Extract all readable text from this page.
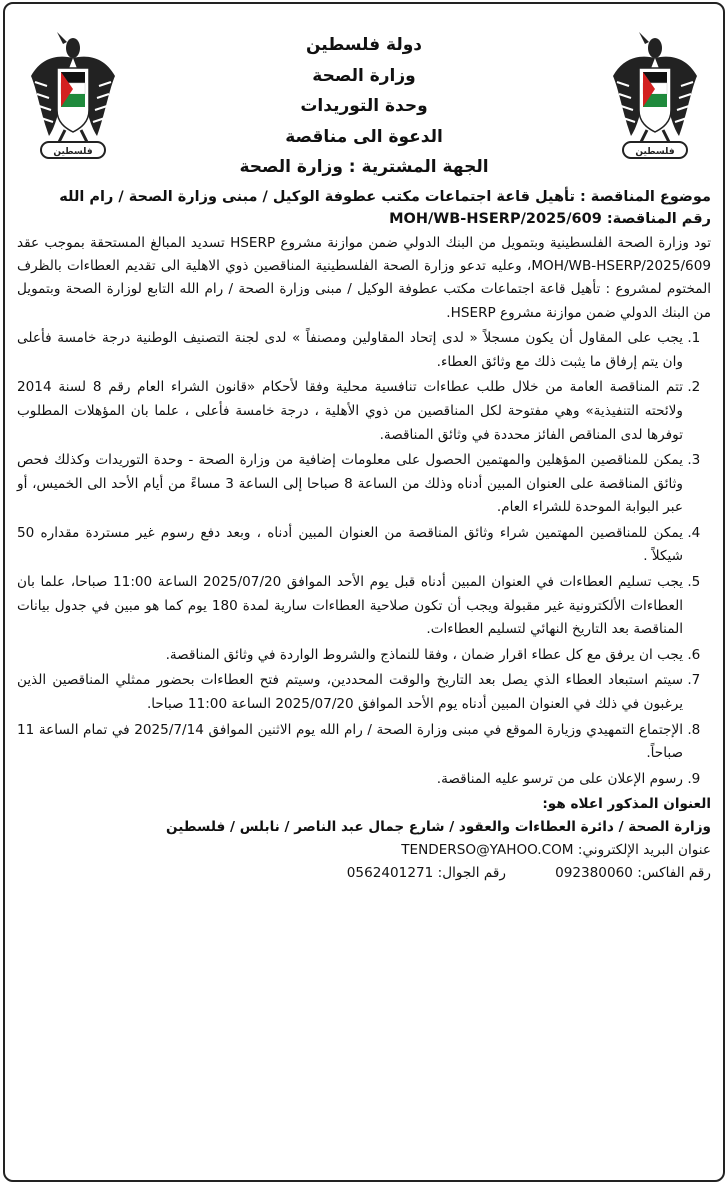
فلسطين	فلسطين
دولة فلسطين
وزارة الصحة
وحدة التوريدات
الدعوة الى مناقصة
الجهة المشترية : وزارة الصحة
موضوع المناقصة : تأهيل قاعة اجتماعات مكتب عطوفة الوكيل / مبنى وزارة الصحة / رام الله
رقم المناقصة: MOH/WB-HSERP/2025/609
تود وزارة الصحة الفلسطينية وبتمويل من البنك الدولي ضمن موازنة مشروع HSERP تسديد المبالغ المستحقة بموجب عقد MOH/WB-HSERP/2025/609، وعليه تدعو وزارة الصحة الفلسطينية المناقصين ذوي الاهلية الى تقديم العطاءات بالظرف المختوم لمشروع : تأهيل قاعة اجتماعات مكتب عطوفة الوكيل / مبنى وزارة الصحة / رام الله التابع لوزارة الصحة وبتمويل من البنك الدولي ضمن موازنة مشروع HSERP.
1. يجب على المقاول أن يكون مسجلاً « لدى إتحاد المقاولين ومصنفاً » لدى لجنة التصنيف الوطنية درجة خامسة فأعلى وان يتم إرفاق ما يثبت ذلك مع وثائق العطاء.
2. تتم المناقصة العامة من خلال طلب عطاءات تنافسية محلية وفقا لأحكام «قانون الشراء العام رقم 8 لسنة 2014 ولائحته التنفيذية» وهي مفتوحة لكل المناقصين من ذوي الأهلية ، درجة خامسة فأعلى ، علما بان المؤهلات المطلوب توفرها لدى المناقص الفائز محددة في وثائق المناقصة.
3. يمكن للمناقصين المؤهلين والمهتمين الحصول على معلومات إضافية من وزارة الصحة - وحدة التوريدات وكذلك فحص وثائق المناقصة على العنوان المبين أدناه وذلك من الساعة 8 صباحا إلى الساعة 3 مساءً من أيام الأحد الى الخميس، أو عبر البوابة الموحدة للشراء العام.
4. يمكن للمناقصين المهتمين شراء وثائق المناقصة من العنوان المبين أدناه ، وبعد دفع رسوم غير مستردة مقداره 50 شيكلاً .
5. يجب تسليم العطاءات في العنوان المبين أدناه قبل يوم الأحد الموافق 2025/07/20 الساعة 11:00 صباحا، علما بان العطاءات الألكترونية غير مقبولة ويجب أن تكون صلاحية العطاءات سارية لمدة 180 يوم كما هو مبين في جدول بيانات المناقصة بعد التاريخ النهائي لتسليم العطاءات.
6. يجب ان يرفق مع كل عطاء اقرار ضمان ، وفقا للنماذج والشروط الواردة في وثائق المناقصة.
7. سيتم استبعاد العطاء الذي يصل بعد التاريخ والوقت المحددين، وسيتم فتح العطاءات بحضور ممثلي المناقصين الذين يرغبون في ذلك في العنوان المبين أدناه يوم الأحد الموافق 2025/07/20 الساعة 11:00 صباحا.
8. الإجتماع التمهيدي وزيارة الموقع في مبنى وزارة الصحة / رام الله يوم الاثنين الموافق 2025/7/14 في تمام الساعة 11 صباحاً.
9. رسوم الإعلان على من ترسو عليه المناقصة.
العنوان المذكور اعلاه هو:
وزارة الصحة / دائرة العطاءات والعقود / شارع جمال عبد الناصر / نابلس / فلسطين
عنوان البريد الإلكتروني: TENDERSO@YAHOO.COM
رقم الفاكس: 092380060
رقم الجوال: 0562401271
